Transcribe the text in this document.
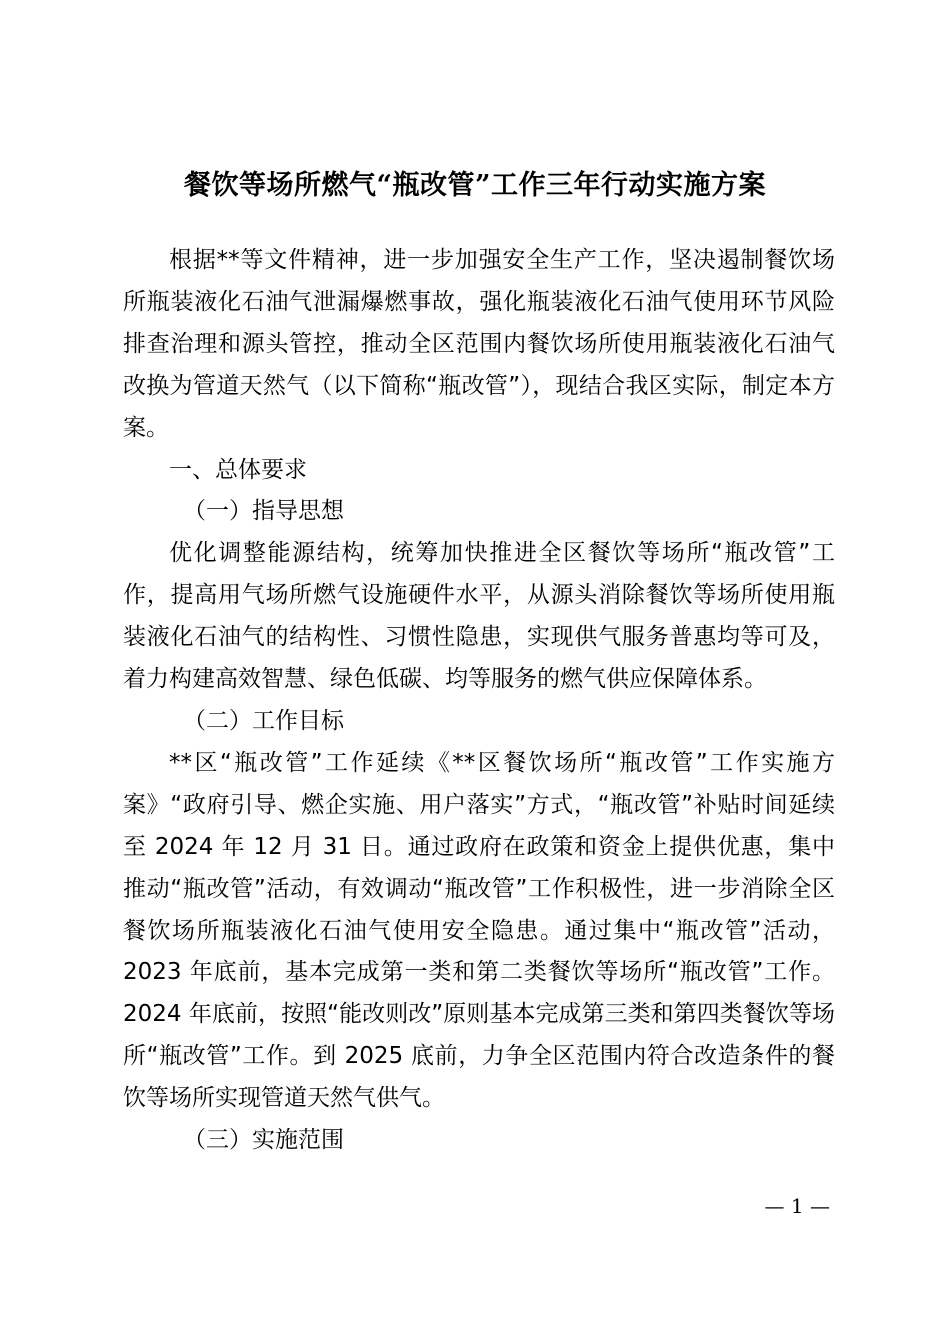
餐饮等场所燃气“瓶改管”工作三年行动实施方案

根据**等文件精神，进一步加强安全生产工作，坚决遏制餐饮场所瓶装液化石油气泄漏爆燃事故，强化瓶装液化石油气使用环节风险排查治理和源头管控，推动全区范围内餐饮场所使用瓶装液化石油气改换为管道天然气（以下简称“瓶改管”），现结合我区实际，制定本方案。

一、总体要求

（一）指导思想

优化调整能源结构，统筹加快推进全区餐饮等场所“瓶改管”工作，提高用气场所燃气设施硬件水平，从源头消除餐饮等场所使用瓶装液化石油气的结构性、习惯性隐患，实现供气服务普惠均等可及，着力构建高效智慧、绿色低碳、均等服务的燃气供应保障体系。

（二）工作目标

**区“瓶改管”工作延续《**区餐饮场所“瓶改管”工作实施方案》“政府引导、燃企实施、用户落实”方式，“瓶改管”补贴时间延续至 2024 年 12 月 31 日。通过政府在政策和资金上提供优惠，集中推动“瓶改管”活动，有效调动“瓶改管”工作积极性，进一步消除全区餐饮场所瓶装液化石油气使用安全隐患。通过集中“瓶改管”活动，2023 年底前，基本完成第一类和第二类餐饮等场所“瓶改管”工作。2024 年底前，按照“能改则改”原则基本完成第三类和第四类餐饮等场所“瓶改管”工作。到 2025 底前，力争全区范围内符合改造条件的餐饮等场所实现管道天然气供气。

（三）实施范围

— 1 —
